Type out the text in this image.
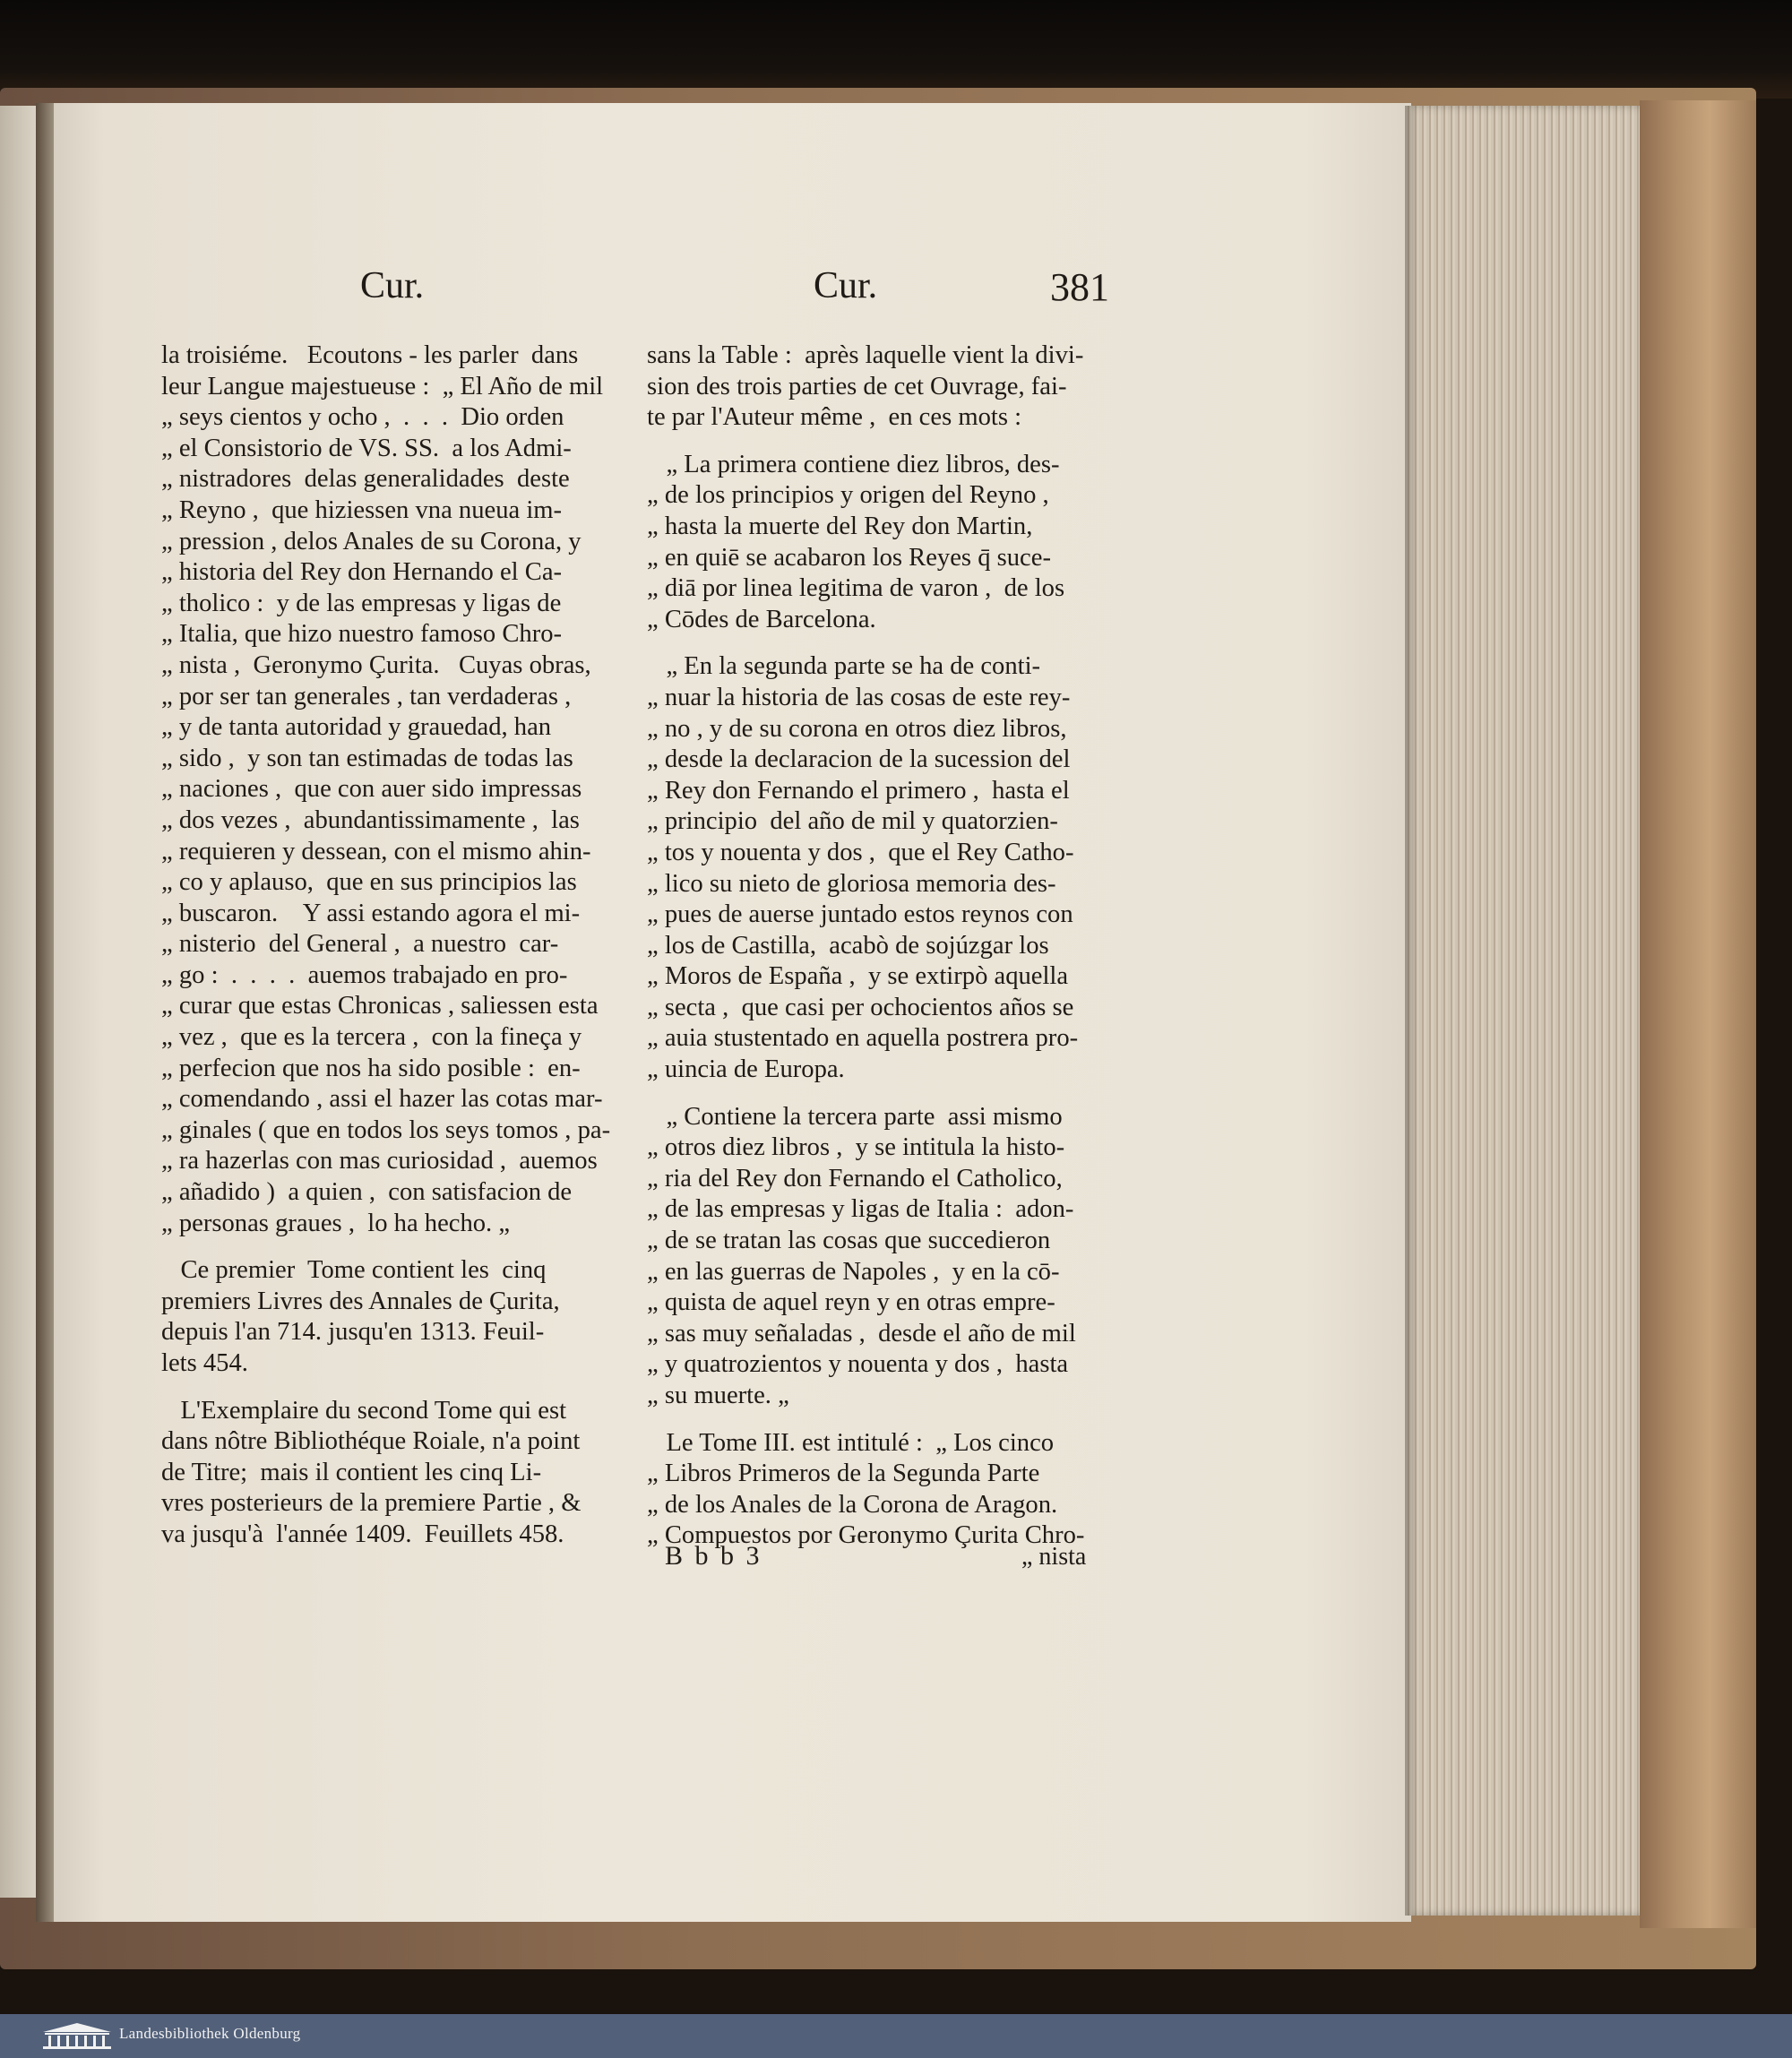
Cur.	Cur.	381
la troisiéme.   Ecoutons - les parler  dans
leur Langue majestueuse :  „ El Año de mil
„ seys cientos y ocho ,  .  .  .  Dio orden
„ el Consistorio de VS. SS.  a los Admi-
„ nistradores  delas generalidades  deste
„ Reyno ,  que hiziessen vna nueua im-
„ pression , delos Anales de su Corona, y
„ historia del Rey don Hernando el Ca-
„ tholico :  y de las empresas y ligas de
„ Italia, que hizo nuestro famoso Chro-
„ nista ,  Geronymo Çurita.   Cuyas obras,
„ por ser tan generales , tan verdaderas ,
„ y de tanta autoridad y grauedad, han
„ sido ,  y son tan estimadas de todas las
„ naciones ,  que con auer sido impressas
„ dos vezes ,  abundantissimamente ,  las
„ requieren y dessean, con el mismo ahin-
„ co y aplauso,  que en sus principios las
„ buscaron.    Y assi estando agora el mi-
„ nisterio  del General ,  a nuestro  car-
„ go :  .  .  .  .  auemos trabajado en pro-
„ curar que estas Chronicas , saliessen esta
„ vez ,  que es la tercera ,  con la fineça y
„ perfecion que nos ha sido posible :  en-
„ comendando , assi el hazer las cotas mar-
„ ginales ( que en todos los seys tomos , pa-
„ ra hazerlas con mas curiosidad ,  auemos
„ añadido )  a quien ,  con satisfacion de
„ personas graues ,  lo ha hecho. „
Ce premier  Tome contient les  cinq
premiers Livres des Annales de Çurita,
depuis l'an 714. jusqu'en 1313. Feuil-
lets 454.
L'Exemplaire du second Tome qui est
dans nôtre Bibliothéque Roiale, n'a point
de Titre;  mais il contient les cinq Li-
vres posterieurs de la premiere Partie , &
va jusqu'à  l'année 1409.  Feuillets 458.
sans la Table :  après laquelle vient la divi-
sion des trois parties de cet Ouvrage, fai-
te par l'Auteur même ,  en ces mots :
„ La primera contiene diez libros, des-
„ de los principios y origen del Reyno ,
„ hasta la muerte del Rey don Martin,
„ en quiē se acabaron los Reyes q̄ suce-
„ diā por linea legitima de varon ,  de los
„ Cōdes de Barcelona.
„ En la segunda parte se ha de conti-
„ nuar la historia de las cosas de este rey-
„ no , y de su corona en otros diez libros,
„ desde la declaracion de la sucession del
„ Rey don Fernando el primero ,  hasta el
„ principio  del año de mil y quatorzien-
„ tos y nouenta y dos ,  que el Rey Catho-
„ lico su nieto de gloriosa memoria des-
„ pues de auerse juntado estos reynos con
„ los de Castilla,  acabò de sojúzgar los
„ Moros de España ,  y se extirpò aquella
„ secta ,  que casi per ochocientos años se
„ auia stustentado en aquella postrera pro-
„ uincia de Europa.
„ Contiene la tercera parte  assi mismo
„ otros diez libros ,  y se intitula la histo-
„ ria del Rey don Fernando el Catholico,
„ de las empresas y ligas de Italia :  adon-
„ de se tratan las cosas que succedieron
„ en las guerras de Napoles ,  y en la cō-
„ quista de aquel reyn y en otras empre-
„ sas muy señaladas ,  desde el año de mil
„ y quatrozientos y nouenta y dos ,  hasta
„ su muerte. „
Le Tome III. est intitulé :  „ Los cinco
„ Libros Primeros de la Segunda Parte
„ de los Anales de la Corona de Aragon.
„ Compuestos por Geronymo Çurita Chro-
B b b 3	„ nista
Landesbibliothek Oldenburg
